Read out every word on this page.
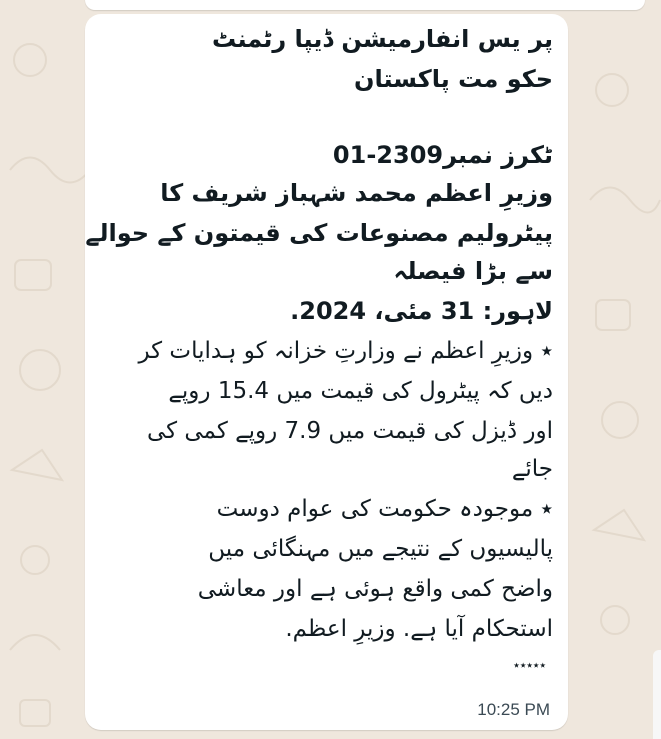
پر یس انفارمیشن ڈیپا رٹمنٹ
حکو مت پاکستان
ٹکرز نمبر2309-01
وزیرِ اعظم محمد شہباز شریف کا
پیٹرولیم مصنوعات کی قیمتون کے حوالے
سے بڑا فیصلہ
لاہور: 31 مئی، 2024.
٭ وزیرِ اعظم نے وزارتِ خزانہ کو ہدایات کر
دیں کہ پیٹرول کی قیمت میں 15.4 روپے
اور ڈیزل کی قیمت میں 7.9 روپے کمی کی
جائے
٭ موجودہ حکومت کی عوام دوست
پالیسیوں کے نتیجے میں مہنگائی میں
واضح کمی واقع ہوئی ہے اور معاشی
استحکام آیا ہے. وزیرِ اعظم.
٭٭٭٭٭
10:25 PM
